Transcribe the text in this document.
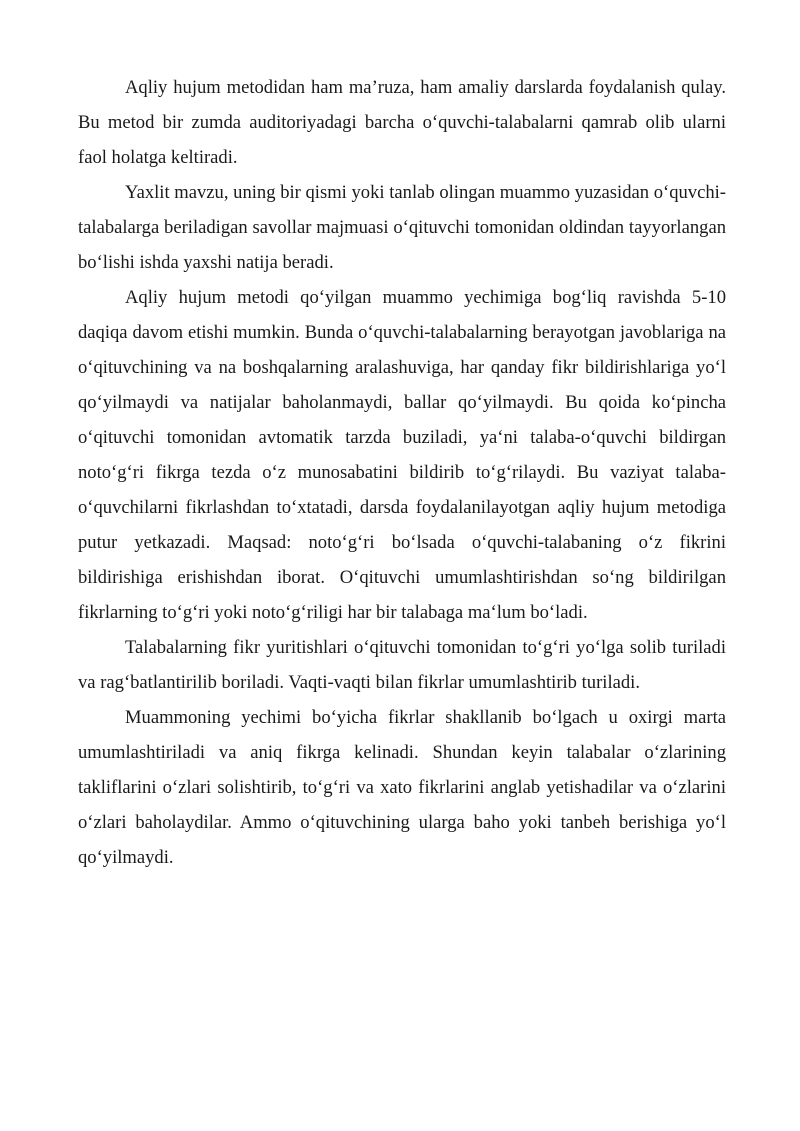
Aqliy hujum metodidan ham ma’ruza, ham amaliy darslarda foydalanish qulay. Bu metod bir zumda auditoriyadagi barcha o‘quvchi-talabalarni qamrab olib ularni faol holatga keltiradi.

Yaxlit mavzu, uning bir qismi yoki tanlab olingan muammo yuzasidan o‘quvchi-talabalarga beriladigan savollar majmuasi o‘qituvchi tomonidan oldindan tayyorlangan bo‘lishi ishda yaxshi natija beradi.

Aqliy hujum metodi qo‘yilgan muammo yechimiga bog‘liq ravishda 5-10 daqiqa davom etishi mumkin. Bunda o‘quvchi-talabalarning berayotgan javoblariga na o‘qituvchining va na boshqalarning aralashuviga, har qanday fikr bildirishlariga yo‘l qo‘yilmaydi va natijalar baholanmaydi, ballar qo‘yilmaydi. Bu qoida ko‘pincha o‘qituvchi tomonidan avtomatik tarzda buziladi, ya‘ni talaba-o‘quvchi bildirgan noto‘g‘ri fikrga tezda o‘z munosabatini bildirib to‘g‘rilaydi. Bu vaziyat talaba-o‘quvchilarni fikrlashdan to‘xtatadi, darsda foydalanilayotgan aqliy hujum metodiga putur yetkazadi. Maqsad: noto‘g‘ri bo‘lsada o‘quvchi-talabaning o‘z fikrini bildirishiga erishishdan iborat. O‘qituvchi umumlashtirishdan so‘ng bildirilgan fikrlarning to‘g‘ri yoki noto‘g‘riligi har bir talabaga ma‘lum bo‘ladi.

Talabalarning fikr yuritishlari o‘qituvchi tomonidan to‘g‘ri yo‘lga solib turiladi va rag‘batlantirilib boriladi. Vaqti-vaqti bilan fikrlar umumlashtirib turiladi.

Muammoning yechimi bo‘yicha fikrlar shakllanib bo‘lgach u oxirgi marta umumlashtiriladi va aniq fikrga kelinadi. Shundan keyin talabalar o‘zlarining takliflarini o‘zlari solishtirib, to‘g‘ri va xato fikrlarini anglab yetishadilar va o‘zlarini o‘zlari baholaydilar. Ammo o‘qituvchining ularga baho yoki tanbeh berishiga yo‘l qo‘yilmaydi.
